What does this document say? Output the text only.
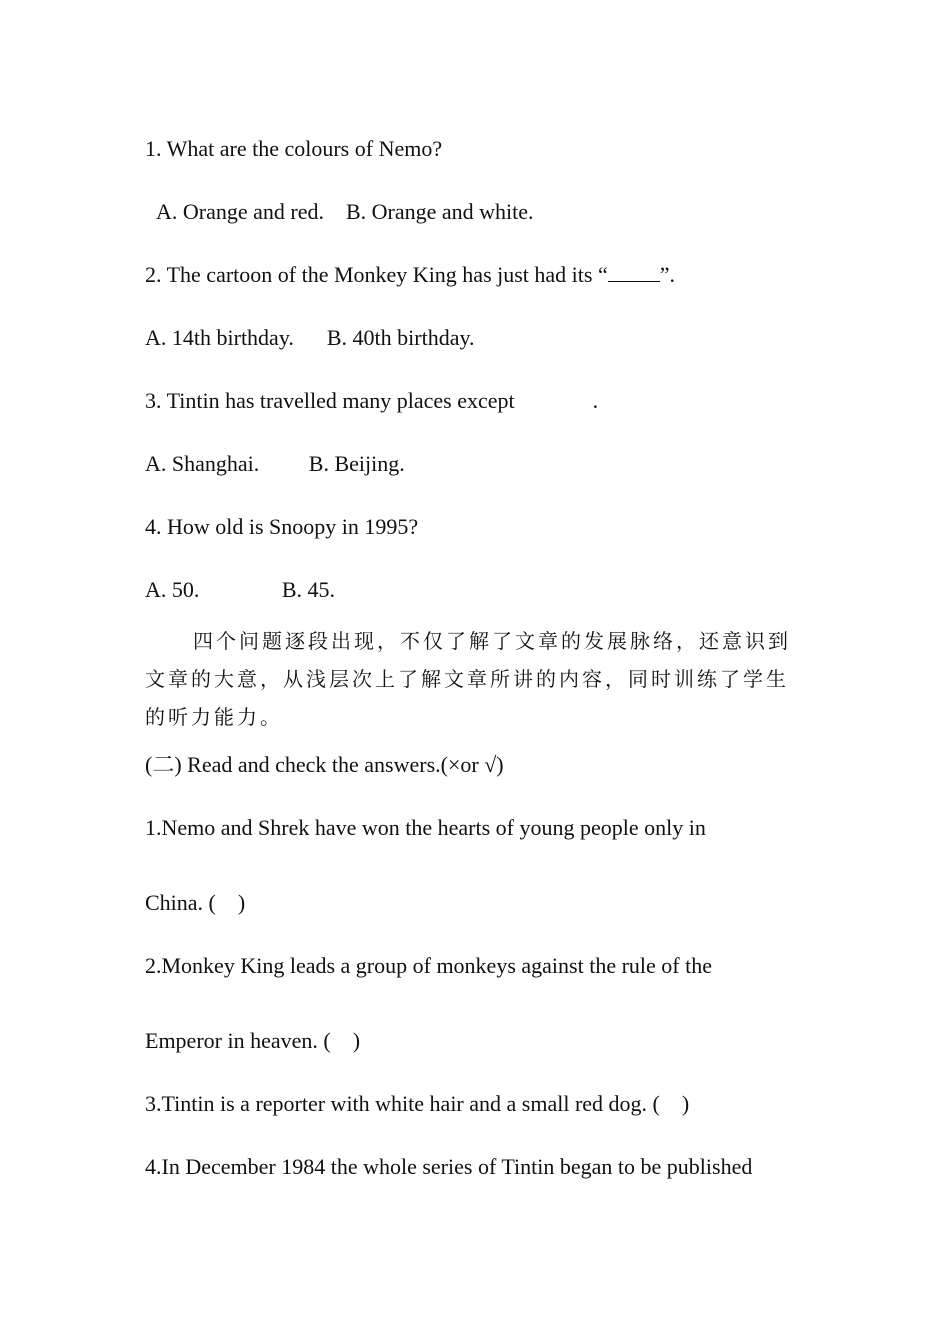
1. What are the colours of Nemo?
A. Orange and red.    B. Orange and white.
2. The cartoon of the Monkey King has just had its “ ”.
A. 14th birthday.      B. 40th birthday.
3. Tintin has travelled many places except	.
A. Shanghai.         B. Beijing.
4. How old is Snoopy in 1995?
A. 50.               B. 45.
四个问题逐段出现，不仅了解了文章的发展脉络，还意识到文章的大意，从浅层次上了解文章所讲的内容，同时训练了学生的听力能力。
(二) Read and check the answers.(×or √)
1.Nemo and Shrek have won the hearts of young people only in
China. (    )
2.Monkey King leads a group of monkeys against the rule of the
Emperor in heaven. (    )
3.Tintin is a reporter with white hair and a small red dog. (    )
4.In December 1984 the whole series of Tintin began to be published
